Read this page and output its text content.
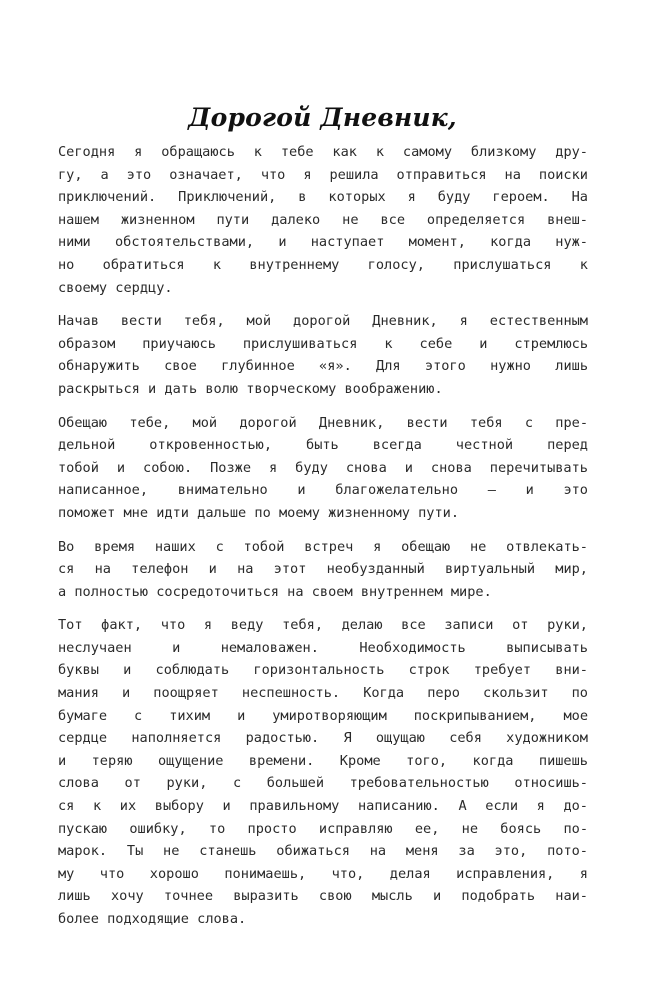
Дорогой Дневник,

Сегодня я обращаюсь к тебе как к самому близкому дру-
гу, а это означает, что я решила отправиться на поиски
приключений. Приключений, в которых я буду героем. На
нашем жизненном пути далеко не все определяется внеш-
ними обстоятельствами, и наступает момент, когда нуж-
но обратиться к внутреннему голосу, прислушаться к
своему сердцу.

Начав вести тебя, мой дорогой Дневник, я естественным
образом приучаюсь прислушиваться к себе и стремлюсь
обнаружить свое глубинное «я». Для этого нужно лишь
раскрыться и дать волю творческому воображению.

Обещаю тебе, мой дорогой Дневник, вести тебя с пре-
дельной откровенностью, быть всегда честной перед
тобой и собою. Позже я буду снова и снова перечитывать
написанное, внимательно и благожелательно — и это
поможет мне идти дальше по моему жизненному пути.

Во время наших с тобой встреч я обещаю не отвлекать-
ся на телефон и на этот необузданный виртуальный мир,
а полностью сосредоточиться на своем внутреннем мире.

Тот факт, что я веду тебя, делаю все записи от руки,
неслучаен и немаловажен. Необходимость выписывать
буквы и соблюдать горизонтальность строк требует вни-
мания и поощряет неспешность. Когда перо скользит по
бумаге с тихим и умиротворяющим поскрипыванием, мое
сердце наполняется радостью. Я ощущаю себя художником
и теряю ощущение времени. Кроме того, когда пишешь
слова от руки, с большей требовательностью относишь-
ся к их выбору и правильному написанию. А если я до-
пускаю ошибку, то просто исправляю ее, не боясь по-
марок. Ты не станешь обижаться на меня за это, пото-
му что хорошо понимаешь, что, делая исправления, я
лишь хочу точнее выразить свою мысль и подобрать наи-
более подходящие слова.
